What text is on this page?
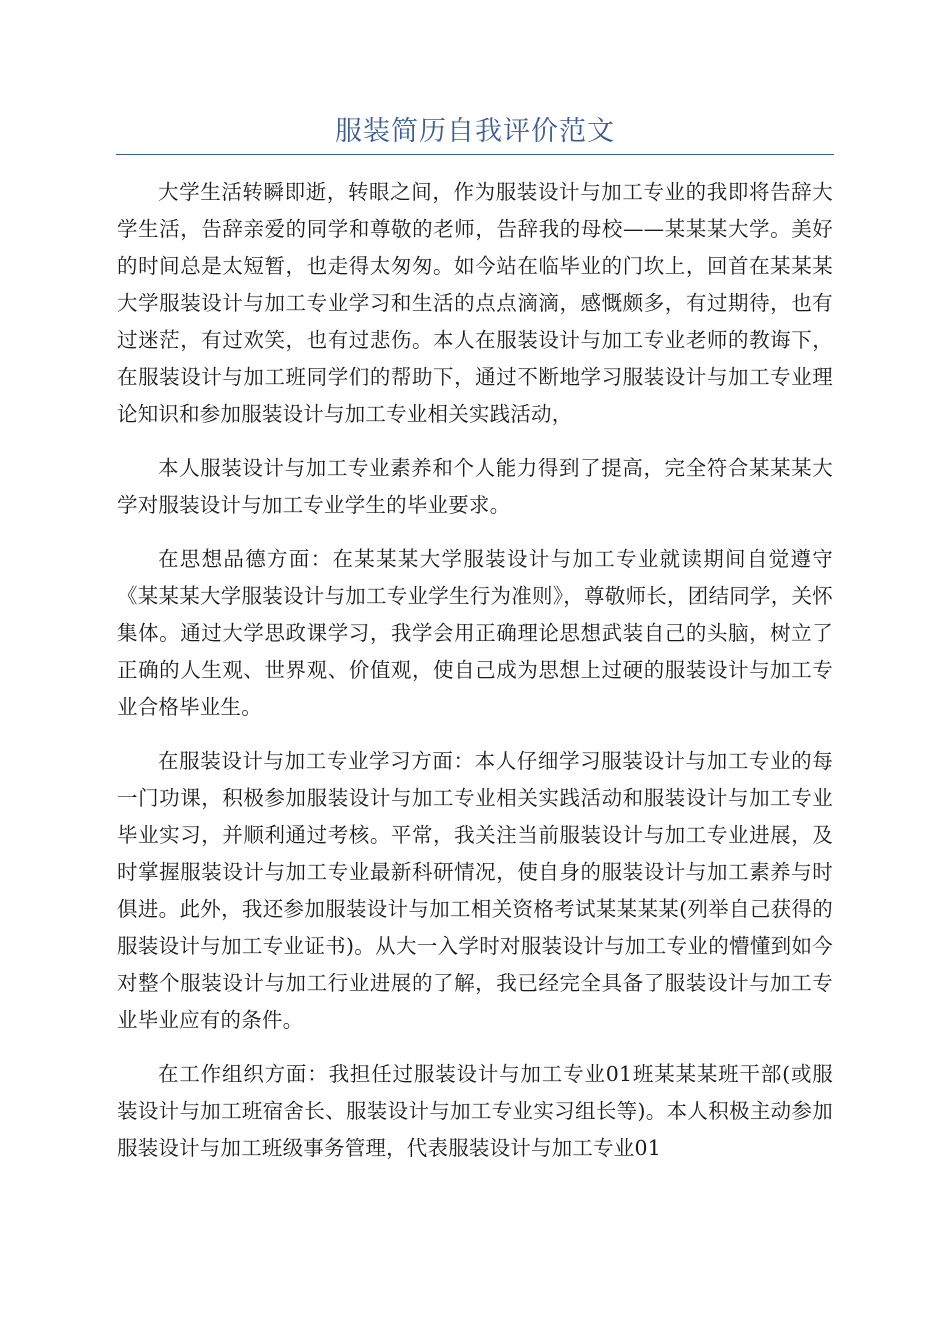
服装简历自我评价范文

大学生活转瞬即逝，转眼之间，作为服装设计与加工专业的我即将告辞大学生活，告辞亲爱的同学和尊敬的老师，告辞我的母校——某某某大学。美好的时间总是太短暂，也走得太匆匆。如今站在临毕业的门坎上，回首在某某某大学服装设计与加工专业学习和生活的点点滴滴，感慨颇多，有过期待，也有过迷茫，有过欢笑，也有过悲伤。本人在服装设计与加工专业老师的教诲下，在服装设计与加工班同学们的帮助下，通过不断地学习服装设计与加工专业理论知识和参加服装设计与加工专业相关实践活动，

本人服装设计与加工专业素养和个人能力得到了提高，完全符合某某某大学对服装设计与加工专业学生的毕业要求。

在思想品德方面：在某某某大学服装设计与加工专业就读期间自觉遵守《某某某大学服装设计与加工专业学生行为准则》，尊敬师长，团结同学，关怀集体。通过大学思政课学习，我学会用正确理论思想武装自己的头脑，树立了正确的人生观、世界观、价值观，使自己成为思想上过硬的服装设计与加工专业合格毕业生。

在服装设计与加工专业学习方面：本人仔细学习服装设计与加工专业的每一门功课，积极参加服装设计与加工专业相关实践活动和服装设计与加工专业毕业实习，并顺利通过考核。平常，我关注当前服装设计与加工专业进展，及时掌握服装设计与加工专业最新科研情况，使自身的服装设计与加工素养与时俱进。此外，我还参加服装设计与加工相关资格考试某某某某(列举自己获得的服装设计与加工专业证书)。从大一入学时对服装设计与加工专业的懵懂到如今对整个服装设计与加工行业进展的了解，我已经完全具备了服装设计与加工专业毕业应有的条件。

在工作组织方面：我担任过服装设计与加工专业01班某某某班干部(或服装设计与加工班宿舍长、服装设计与加工专业实习组长等)。本人积极主动参加服装设计与加工班级事务管理，代表服装设计与加工专业01
